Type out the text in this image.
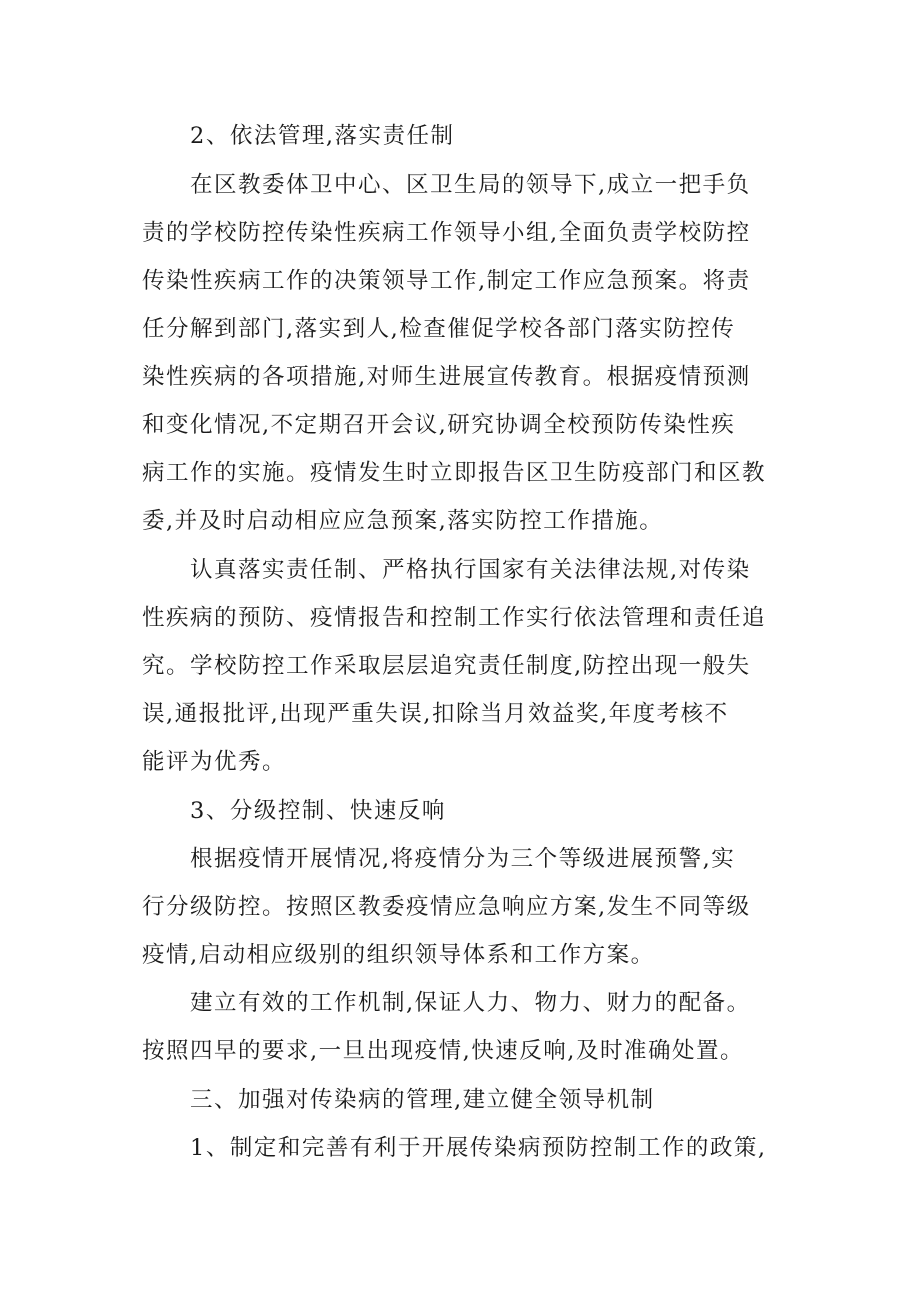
2、依法管理,落实责任制

在区教委体卫中心、区卫生局的领导下,成立一把手负

责的学校防控传染性疾病工作领导小组,全面负责学校防控

传染性疾病工作的决策领导工作,制定工作应急预案。将责

任分解到部门,落实到人,检查催促学校各部门落实防控传

染性疾病的各项措施,对师生进展宣传教育。根据疫情预测

和变化情况,不定期召开会议,研究协调全校预防传染性疾

病工作的实施。疫情发生时立即报告区卫生防疫部门和区教

委,并及时启动相应应急预案,落实防控工作措施。

认真落实责任制、严格执行国家有关法律法规,对传染

性疾病的预防、疫情报告和控制工作实行依法管理和责任追

究。学校防控工作采取层层追究责任制度,防控出现一般失

误,通报批评,出现严重失误,扣除当月效益奖,年度考核不

能评为优秀。

3、分级控制、快速反响

根据疫情开展情况,将疫情分为三个等级进展预警,实

行分级防控。按照区教委疫情应急响应方案,发生不同等级

疫情,启动相应级别的组织领导体系和工作方案。

建立有效的工作机制,保证人力、物力、财力的配备。

按照四早的要求,一旦出现疫情,快速反响,及时准确处置。

三、加强对传染病的管理,建立健全领导机制

1、制定和完善有利于开展传染病预防控制工作的政策,
